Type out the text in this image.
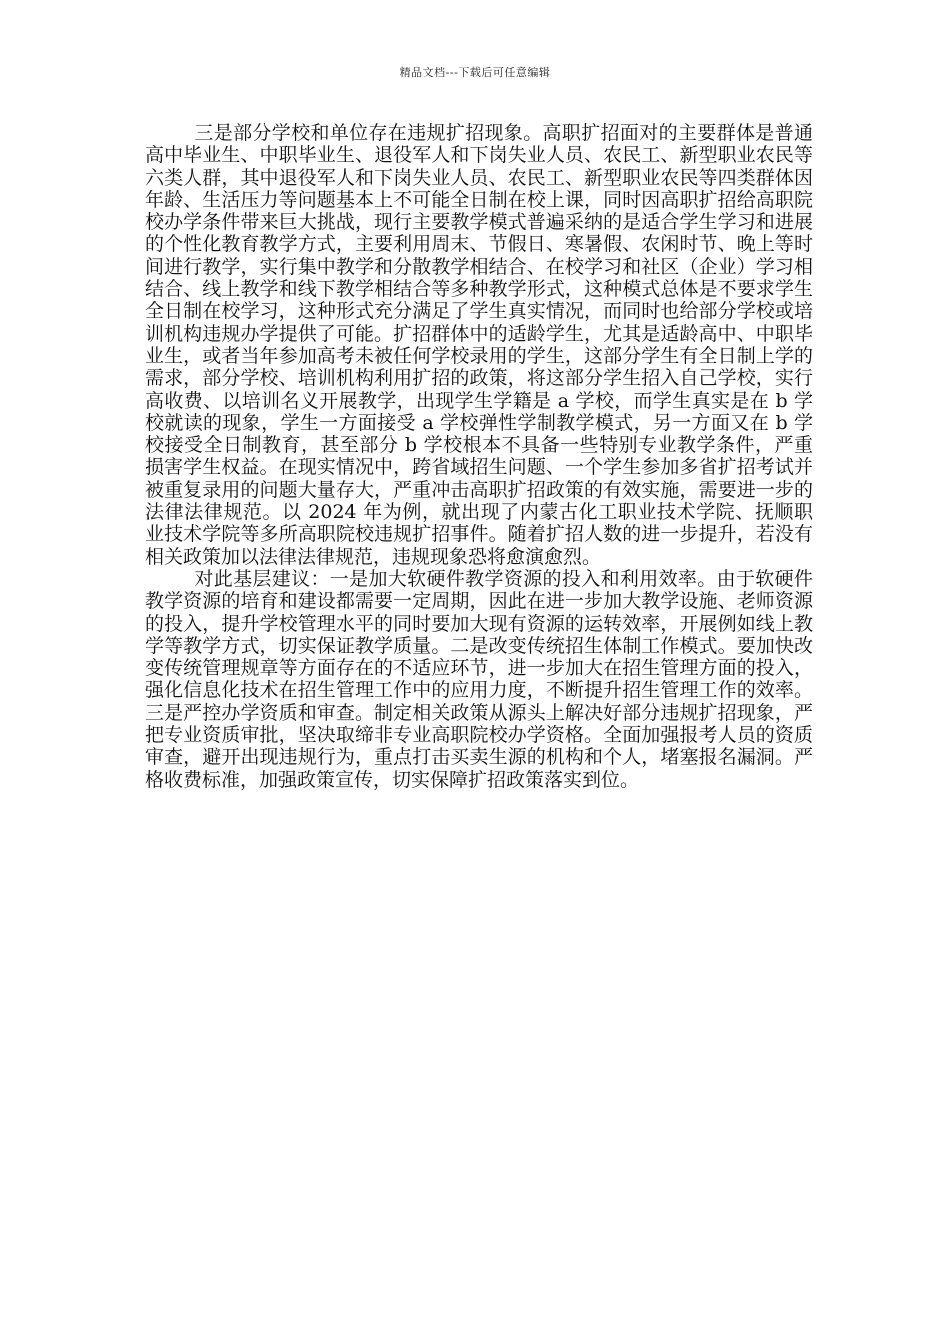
精品文档---下载后可任意编辑

三是部分学校和单位存在违规扩招现象。高职扩招面对的主要群体是普通高中毕业生、中职毕业生、退役军人和下岗失业人员、农民工、新型职业农民等六类人群，其中退役军人和下岗失业人员、农民工、新型职业农民等四类群体因年龄、生活压力等问题基本上不可能全日制在校上课，同时因高职扩招给高职院校办学条件带来巨大挑战，现行主要教学模式普遍采纳的是适合学生学习和进展的个性化教育教学方式，主要利用周末、节假日、寒暑假、农闲时节、晚上等时间进行教学，实行集中教学和分散教学相结合、在校学习和社区（企业）学习相结合、线上教学和线下教学相结合等多种教学形式，这种模式总体是不要求学生全日制在校学习，这种形式充分满足了学生真实情况，而同时也给部分学校或培训机构违规办学提供了可能。扩招群体中的适龄学生，尤其是适龄高中、中职毕业生，或者当年参加高考未被任何学校录用的学生，这部分学生有全日制上学的需求，部分学校、培训机构利用扩招的政策，将这部分学生招入自己学校，实行高收费、以培训名义开展教学，出现学生学籍是 a 学校，而学生真实是在 b 学校就读的现象，学生一方面接受 a 学校弹性学制教学模式，另一方面又在 b 学校接受全日制教育，甚至部分 b 学校根本不具备一些特别专业教学条件，严重损害学生权益。在现实情况中，跨省域招生问题、一个学生参加多省扩招考试并被重复录用的问题大量存大，严重冲击高职扩招政策的有效实施，需要进一步的法律法律规范。以 2024 年为例，就出现了内蒙古化工职业技术学院、抚顺职业技术学院等多所高职院校违规扩招事件。随着扩招人数的进一步提升，若没有相关政策加以法律法律规范，违规现象恐将愈演愈烈。

对此基层建议：一是加大软硬件教学资源的投入和利用效率。由于软硬件教学资源的培育和建设都需要一定周期，因此在进一步加大教学设施、老师资源的投入，提升学校管理水平的同时要加大现有资源的运转效率，开展例如线上教学等教学方式，切实保证教学质量。二是改变传统招生体制工作模式。要加快改变传统管理规章等方面存在的不适应环节，进一步加大在招生管理方面的投入，强化信息化技术在招生管理工作中的应用力度，不断提升招生管理工作的效率。三是严控办学资质和审查。制定相关政策从源头上解决好部分违规扩招现象，严把专业资质审批，坚决取缔非专业高职院校办学资格。全面加强报考人员的资质审查，避开出现违规行为，重点打击买卖生源的机构和个人，堵塞报名漏洞。严格收费标准，加强政策宣传，切实保障扩招政策落实到位。
